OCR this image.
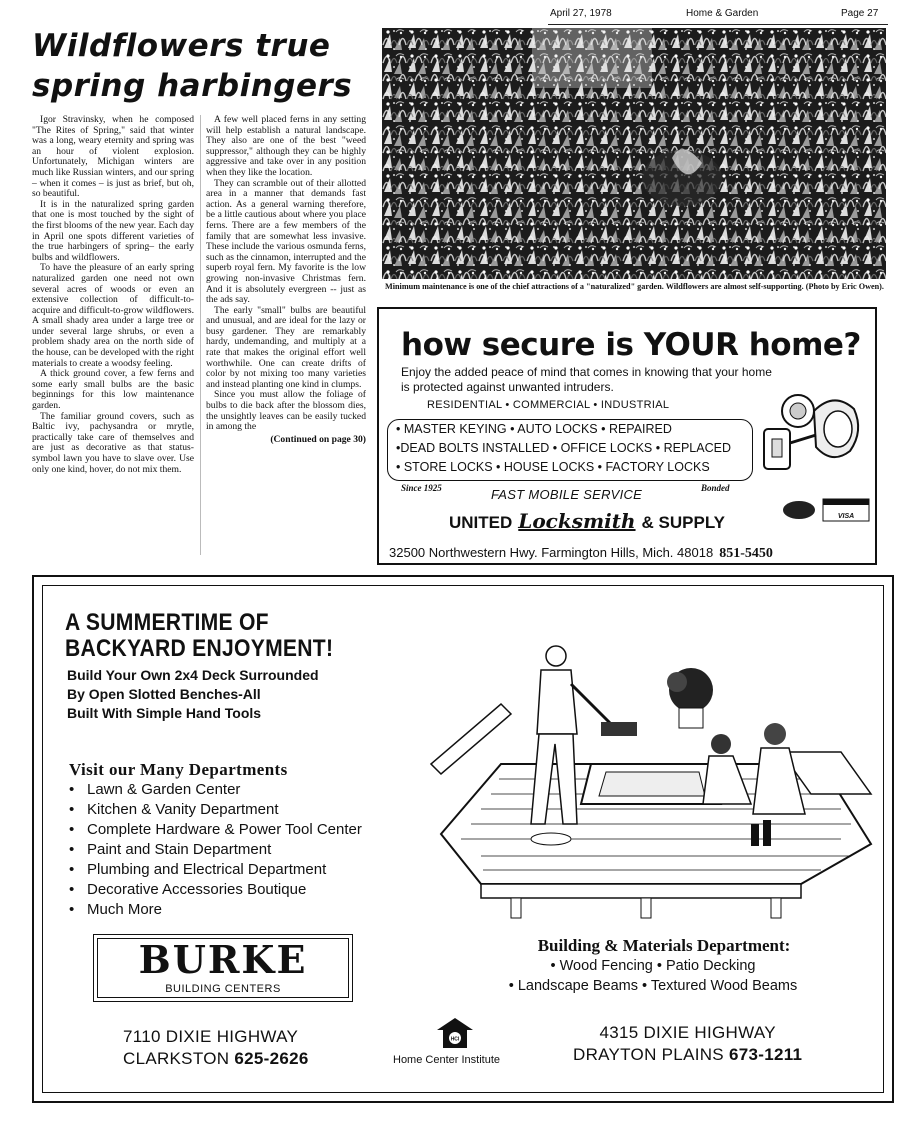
April 27, 1978	Home & Garden	Page 27
Wildflowers true spring harbingers

Igor Stravinsky, when he composed "The Rites of Spring," said that winter was a long, weary eternity and spring was an hour of violent explosion. Unfortunately, Michigan winters are much like Russian winters, and our spring – when it comes – is just as brief, but oh, so beautiful.

It is in the naturalized spring garden that one is most touched by the sight of the first blooms of the new year. Each day in April one spots different varieties of the true harbingers of spring– the early bulbs and wildflowers.

To have the pleasure of an early spring naturalized garden one need not own several acres of woods or even an extensive collection of difficult-to-acquire and difficult-to-grow wildflowers. A small shady area under a large tree or under several large shrubs, or even a problem shady area on the north side of the house, can be developed with the right materials to create a woodsy feeling.

A thick ground cover, a few ferns and some early small bulbs are the basic beginnings for this low maintenance garden.

The familiar ground covers, such as Baltic ivy, pachysandra or mrytle, practically take care of themselves and are just as decorative as that status-symbol lawn you have to slave over. Use only one kind, hover, do not mix them.

A few well placed ferns in any setting will help establish a natural landscape. They also are one of the best "weed suppressor," although they can be highly aggressive and take over in any position when they like the location.

They can scramble out of their allotted area in a manner that demands fast action. As a general warning therefore, be a little cautious about where you place ferns. There are a few members of the family that are somewhat less invasive. These include the various osmunda ferns, such as the cinnamon, interrupted and the superb royal fern. My favorite is the low growing non-invasive Christmas fern. And it is absolutely evergreen -- just as the ads say.

The early "small" bulbs are beautiful and unusual, and are ideal for the lazy or busy gardener. They are remarkably hardy, undemanding, and multiply at a rate that makes the original effort well worthwhile. One can create drifts of color by not mixing too many varieties and instead planting one kind in clumps.

Since you must allow the foliage of bulbs to die back after the blossom dies, the unsightly leaves can be easily tucked in among the

(Continued on page 30)
Minimum maintenance is one of the chief attractions of a "naturalized" garden. Wildflowers are almost self-supporting. (Photo by Eric Owen).
how secure is YOUR home?
Enjoy the added peace of mind that comes in knowing that your home is protected against unwanted intruders.
RESIDENTIAL • COMMERCIAL • INDUSTRIAL
• MASTER KEYING • AUTO LOCKS • REPAIRED
•DEAD BOLTS INSTALLED • OFFICE LOCKS • REPLACED
• STORE LOCKS • HOUSE LOCKS • FACTORY LOCKS
Since 1925	Bonded
FAST MOBILE SERVICE
UNITED Locksmith & SUPPLY
32500 Northwestern Hwy. Farmington Hills, Mich. 48018 851-5450
VISA
A SUMMERTIME OF
BACKYARD ENJOYMENT!
Build Your Own 2x4 Deck Surrounded
By Open Slotted Benches-All
Built With Simple Hand Tools
Visit our Many Departments
• Lawn & Garden Center
• Kitchen & Vanity Department
• Complete Hardware & Power Tool Center
• Paint and Stain Department
• Plumbing and Electrical Department
• Decorative Accessories Boutique
• Much More
BURKE
BUILDING CENTERS
Building & Materials Department:
• Wood Fencing • Patio Decking
• Landscape Beams • Textured Wood Beams
7110 DIXIE HIGHWAY
CLARKSTON 625-2626
HCI
Home Center Institute
4315 DIXIE HIGHWAY
DRAYTON PLAINS 673-1211
